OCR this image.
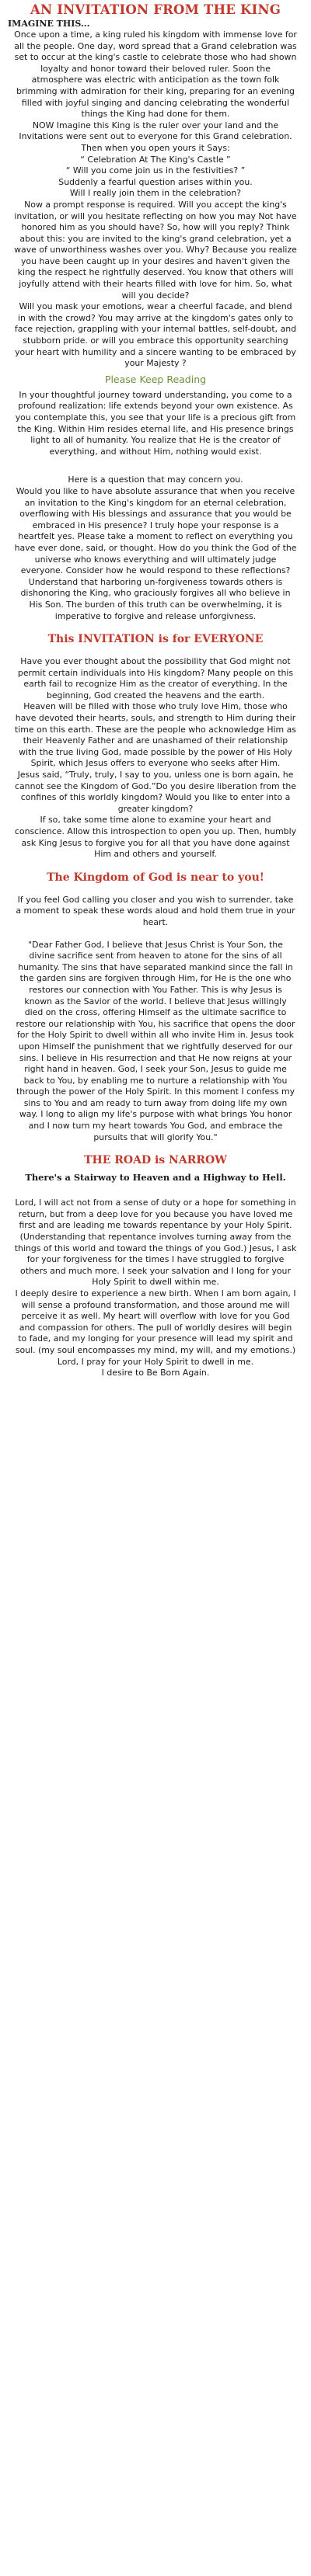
AN INVITATION FROM THE KING
IMAGINE THIS...

Once upon a time, a king ruled his kingdom with immense love for all the people. One day, word spread that a Grand celebration was set to occur at the king's castle to celebrate those who had shown loyalty and honor toward their beloved ruler. Soon the atmosphere was electric with anticipation as the town folk brimming with admiration for their king, preparing for an evening filled with joyful singing and dancing celebrating the wonderful things the King had done for them.
NOW Imagine this King is the ruler over your land and the Invitations were sent out to everyone for this Grand celebration. Then when you open yours it Says:
“ Celebration At The King's Castle ”
“ Will you come join us in the festivities? ”
Suddenly a fearful question arises within you.
Will I really join them in the celebration?
Now a prompt response is required. Will you accept the king's invitation, or will you hesitate reflecting on how you may Not have honored him as you should have? So, how will you reply? Think about this: you are invited to the king's grand celebration, yet a wave of unworthiness washes over you. Why? Because you realize you have been caught up in your desires and haven't given the king the respect he rightfully deserved. You know that others will joyfully attend with their hearts filled with love for him. So, what will you decide?
Will you mask your emotions, wear a cheerful facade, and blend in with the crowd? You may arrive at the kingdom's gates only to face rejection, grappling with your internal battles, self-doubt, and stubborn pride. or will you embrace this opportunity searching your heart with humility and a sincere wanting to be embraced by your Majesty ?

Please Keep Reading

In your thoughtful journey toward understanding, you come to a profound realization: life extends beyond your own existence. As you contemplate this, you see that your life is a precious gift from the King. Within Him resides eternal life, and His presence brings light to all of humanity. You realize that He is the creator of everything, and without Him, nothing would exist.

Here is a question that may concern you.
Would you like to have absolute assurance that when you receive an invitation to the King's kingdom for an eternal celebration, overflowing with His blessings and assurance that you would be embraced in His presence? I truly hope your response is a heartfelt yes. Please take a moment to reflect on everything you have ever done, said, or thought. How do you think the God of the universe who knows everything and will ultimately judge everyone. Consider how he would respond to these reflections? Understand that harboring un-forgiveness towards others is dishonoring the King, who graciously forgives all who believe in His Son. The burden of this truth can be overwhelming, it is imperative to forgive and release unforgivness.

This INVITATION is for EVERYONE

Have you ever thought about the possibility that God might not permit certain individuals into His kingdom? Many people on this earth fail to recognize Him as the creator of everything. In the beginning, God created the heavens and the earth.
Heaven will be filled with those who truly love Him, those who have devoted their hearts, souls, and strength to Him during their time on this earth. These are the people who acknowledge Him as their Heavenly Father and are unashamed of their relationship with the true living God, made possible by the power of His Holy Spirit, which Jesus offers to everyone who seeks after Him.
Jesus said, “Truly, truly, I say to you, unless one is born again, he cannot see the Kingdom of God.”Do you desire liberation from the confines of this worldly kingdom? Would you like to enter into a greater kingdom?
If so, take some time alone to examine your heart and conscience. Allow this introspection to open you up. Then, humbly ask King Jesus to forgive you for all that you have done against Him and others and yourself.

The Kingdom of God is near to you!

If you feel God calling you closer and you wish to surrender, take a moment to speak these words aloud and hold them true in your heart.

"Dear Father God, I believe that Jesus Christ is Your Son, the divine sacrifice sent from heaven to atone for the sins of all humanity. The sins that have separated mankind since the fall in the garden sins are forgiven through Him, for He is the one who restores our connection with You Father. This is why Jesus is known as the Savior of the world. I believe that Jesus willingly died on the cross, offering Himself as the ultimate sacrifice to restore our relationship with You, his sacrifice that opens the door for the Holy Spirit to dwell within all who invite Him in. Jesus took upon Himself the punishment that we rightfully deserved for our sins. I believe in His resurrection and that He now reigns at your right hand in heaven. God, I seek your Son, Jesus to guide me back to You, by enabling me to nurture a relationship with You through the power of the Holy Spirit. In this moment I confess my sins to You and am ready to turn away from doing life my own way. I long to align my life's purpose with what brings You honor and I now turn my heart towards You God, and embrace the pursuits that will glorify You."

THE ROAD is NARROW
There's a Stairway to Heaven and a Highway to Hell.

Lord, I will act not from a sense of duty or a hope for something in return, but from a deep love for you because you have loved me first and are leading me towards repentance by your Holy Spirit. (Understanding that repentance involves turning away from the things of this world and toward the things of you God.) Jesus, I ask for your forgiveness for the times I have struggled to forgive others and much more. I seek your salvation and I long for your Holy Spirit to dwell within me.
I deeply desire to experience a new birth. When I am born again, I will sense a profound transformation, and those around me will perceive it as well. My heart will overflow with love for you God and compassion for others. The pull of worldly desires will begin to fade, and my longing for your presence will lead my spirit and soul. (my soul encompasses my mind, my will, and my emotions.)
Lord, I pray for your Holy Spirit to dwell in me.
I desire to Be Born Again.
